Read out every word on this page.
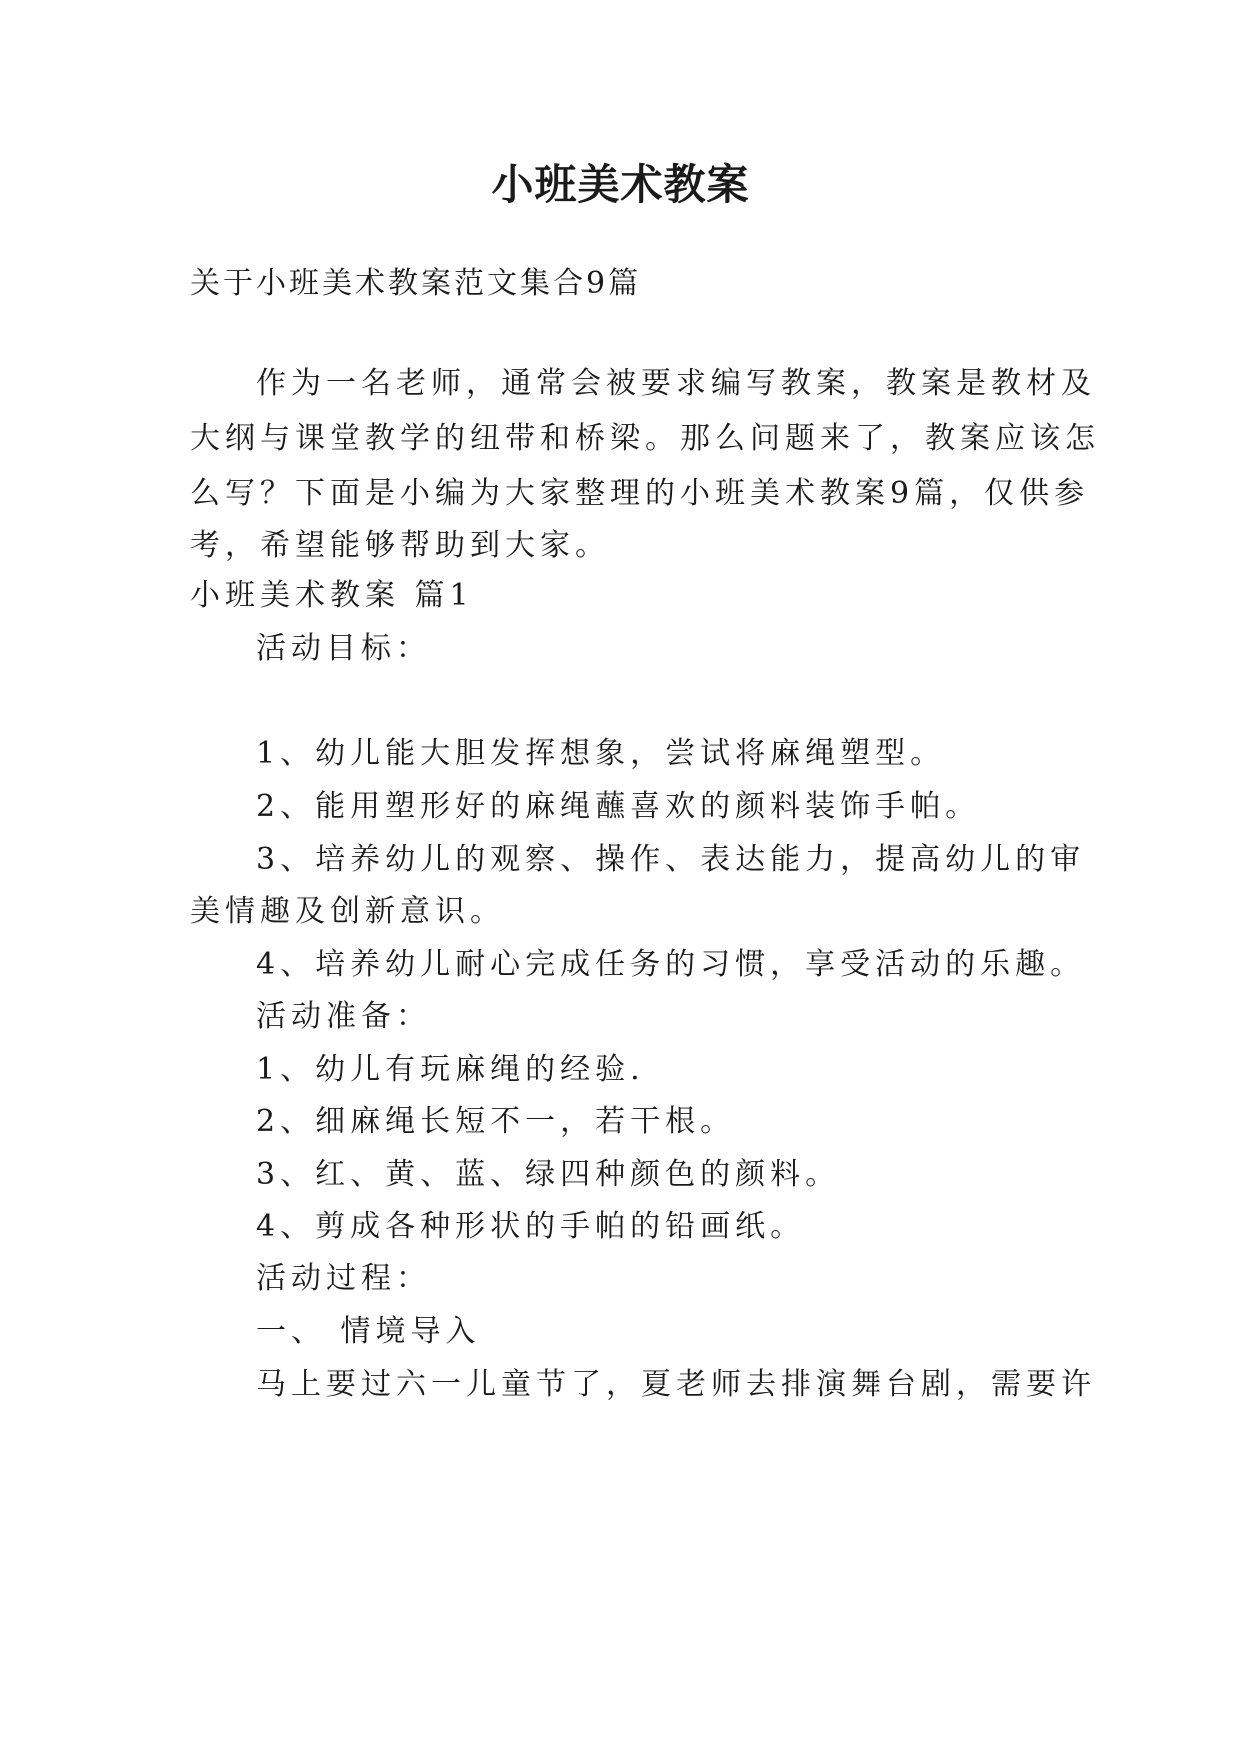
小班美术教案
关于小班美术教案范文集合9篇
作为一名老师，通常会被要求编写教案，教案是教材及
大纲与课堂教学的纽带和桥梁。那么问题来了，教案应该怎
么写？下面是小编为大家整理的小班美术教案9篇，仅供参
考，希望能够帮助到大家。
小班美术教案 篇1
活动目标：
1、幼儿能大胆发挥想象，尝试将麻绳塑型。
2、能用塑形好的麻绳蘸喜欢的颜料装饰手帕。
3、培养幼儿的观察、操作、表达能力，提高幼儿的审
美情趣及创新意识。
4、培养幼儿耐心完成任务的习惯，享受活动的乐趣。
活动准备：
1、幼儿有玩麻绳的经验.
2、细麻绳长短不一，若干根。
3、红、黄、蓝、绿四种颜色的颜料。
4、剪成各种形状的手帕的铅画纸。
活动过程：
一、 情境导入
马上要过六一儿童节了，夏老师去排演舞台剧，需要许
